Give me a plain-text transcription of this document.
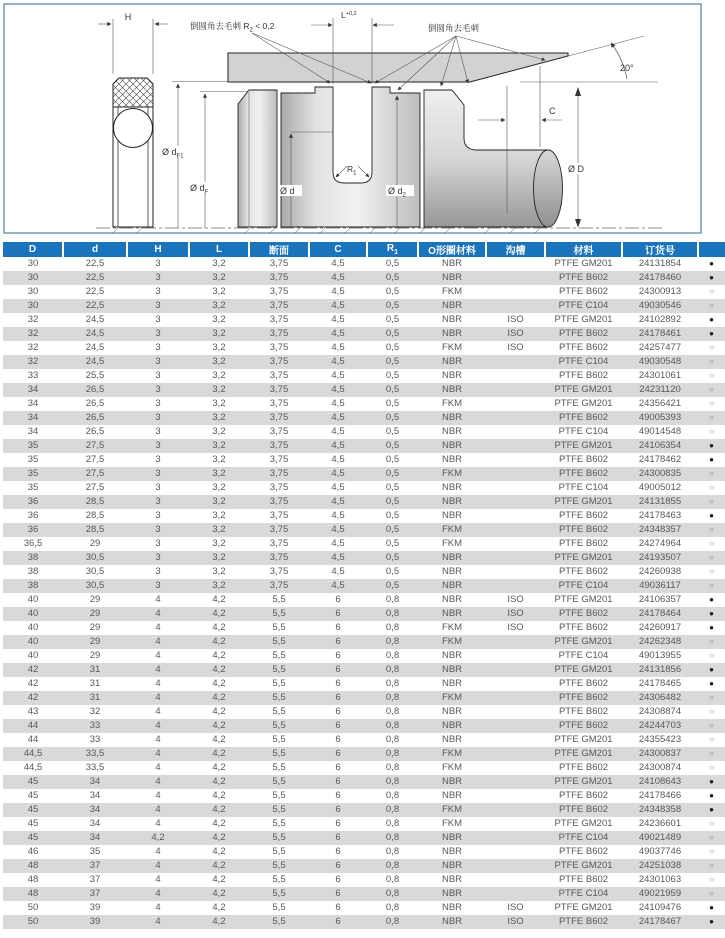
H
Ø $d_{F1}$
Ø $d_F$
20°
$L^{+0,2}$
倒圆角去毛刺 $R_2 < 0,2$	倒圆角去毛刺
C
Ø D
Ø d	Ø $d_2$
$R_1$
D	d	H	L	断面	C	$R_1$	O形圈材料	沟槽	材料	订货号	
30	22,5	3	3,2	3,75	4,5	0,5	NBR		PTFE GM201	24131854	●
30	22,5	3	3,2	3,75	4,5	0,5	NBR		PTFE B602	24178460	●
30	22,5	3	3,2	3,75	4,5	0,5	FKM		PTFE B602	24300913	○
30	22,5	3	3,2	3,75	4,5	0,5	NBR		PTFE C104	49030546	○
32	24,5	3	3,2	3,75	4,5	0,5	NBR	ISO	PTFE GM201	24102892	●
32	24,5	3	3,2	3,75	4,5	0,5	NBR	ISO	PTFE B602	24178461	●
32	24,5	3	3,2	3,75	4,5	0,5	FKM	ISO	PTFE B602	24257477	○
32	24,5	3	3,2	3,75	4,5	0,5	NBR		PTFE C104	49030548	○
33	25,5	3	3,2	3,75	4,5	0,5	NBR		PTFE B602	24301061	○
34	26,5	3	3,2	3,75	4,5	0,5	NBR		PTFE GM201	24231120	○
34	26,5	3	3,2	3,75	4,5	0,5	FKM		PTFE GM201	24356421	○
34	26,5	3	3,2	3,75	4,5	0,5	NBR		PTFE B602	49005393	○
34	26,5	3	3,2	3,75	4,5	0,5	NBR		PTFE C104	49014548	○
35	27,5	3	3,2	3,75	4,5	0,5	NBR		PTFE GM201	24106354	●
35	27,5	3	3,2	3,75	4,5	0,5	NBR		PTFE B602	24178462	●
35	27,5	3	3,2	3,75	4,5	0,5	FKM		PTFE B602	24300835	○
35	27,5	3	3,2	3,75	4,5	0,5	NBR		PTFE C104	49005012	○
36	28,5	3	3,2	3,75	4,5	0,5	NBR		PTFE GM201	24131855	○
36	28,5	3	3,2	3,75	4,5	0,5	NBR		PTFE B602	24178463	●
36	28,5	3	3,2	3,75	4,5	0,5	FKM		PTFE B602	24348357	○
36,5	29	3	3,2	3,75	4,5	0,5	FKM		PTFE B602	24274964	○
38	30,5	3	3,2	3,75	4,5	0,5	NBR		PTFE GM201	24193507	○
38	30,5	3	3,2	3,75	4,5	0,5	NBR		PTFE B602	24260938	○
38	30,5	3	3,2	3,75	4,5	0,5	NBR		PTFE C104	49036117	○
40	29	4	4,2	5,5	6	0,8	NBR	ISO	PTFE GM201	24106357	●
40	29	4	4,2	5,5	6	0,8	NBR	ISO	PTFE B602	24178464	●
40	29	4	4,2	5,5	6	0,8	FKM	ISO	PTFE B602	24260917	●
40	29	4	4,2	5,5	6	0,8	FKM		PTFE GM201	24262348	○
40	29	4	4,2	5,5	6	0,8	NBR		PTFE C104	49013955	○
42	31	4	4,2	5,5	6	0,8	NBR		PTFE GM201	24131856	●
42	31	4	4,2	5,5	6	0,8	NBR		PTFE B602	24178465	●
42	31	4	4,2	5,5	6	0,8	FKM		PTFE B602	24306482	○
43	32	4	4,2	5,5	6	0,8	NBR		PTFE B602	24308874	○
44	33	4	4,2	5,5	6	0,8	NBR		PTFE B602	24244703	○
44	33	4	4,2	5,5	6	0,8	NBR		PTFE GM201	24355423	○
44,5	33,5	4	4,2	5,5	6	0,8	FKM		PTFE GM201	24300837	○
44,5	33,5	4	4,2	5,5	6	0,8	FKM		PTFE B602	24300874	○
45	34	4	4,2	5,5	6	0,8	NBR		PTFE GM201	24108643	●
45	34	4	4,2	5,5	6	0,8	NBR		PTFE B602	24178466	●
45	34	4	4,2	5,5	6	0,8	FKM		PTFE B602	24348358	●
45	34	4	4,2	5,5	6	0,8	FKM		PTFE GM201	24236601	○
45	34	4,2	4,2	5,5	6	0,8	NBR		PTFE C104	49021489	○
46	35	4	4,2	5,5	6	0,8	NBR		PTFE B602	49037746	○
48	37	4	4,2	5,5	6	0,8	NBR		PTFE GM201	24251038	○
48	37	4	4,2	5,5	6	0,8	NBR		PTFE B602	24301063	○
48	37	4	4,2	5,5	6	0,8	NBR		PTFE C104	49021959	○
50	39	4	4,2	5,5	6	0,8	NBR	ISO	PTFE GM201	24109476	●
50	39	4	4,2	5,5	6	0,8	NBR	ISO	PTFE B602	24178467	●
